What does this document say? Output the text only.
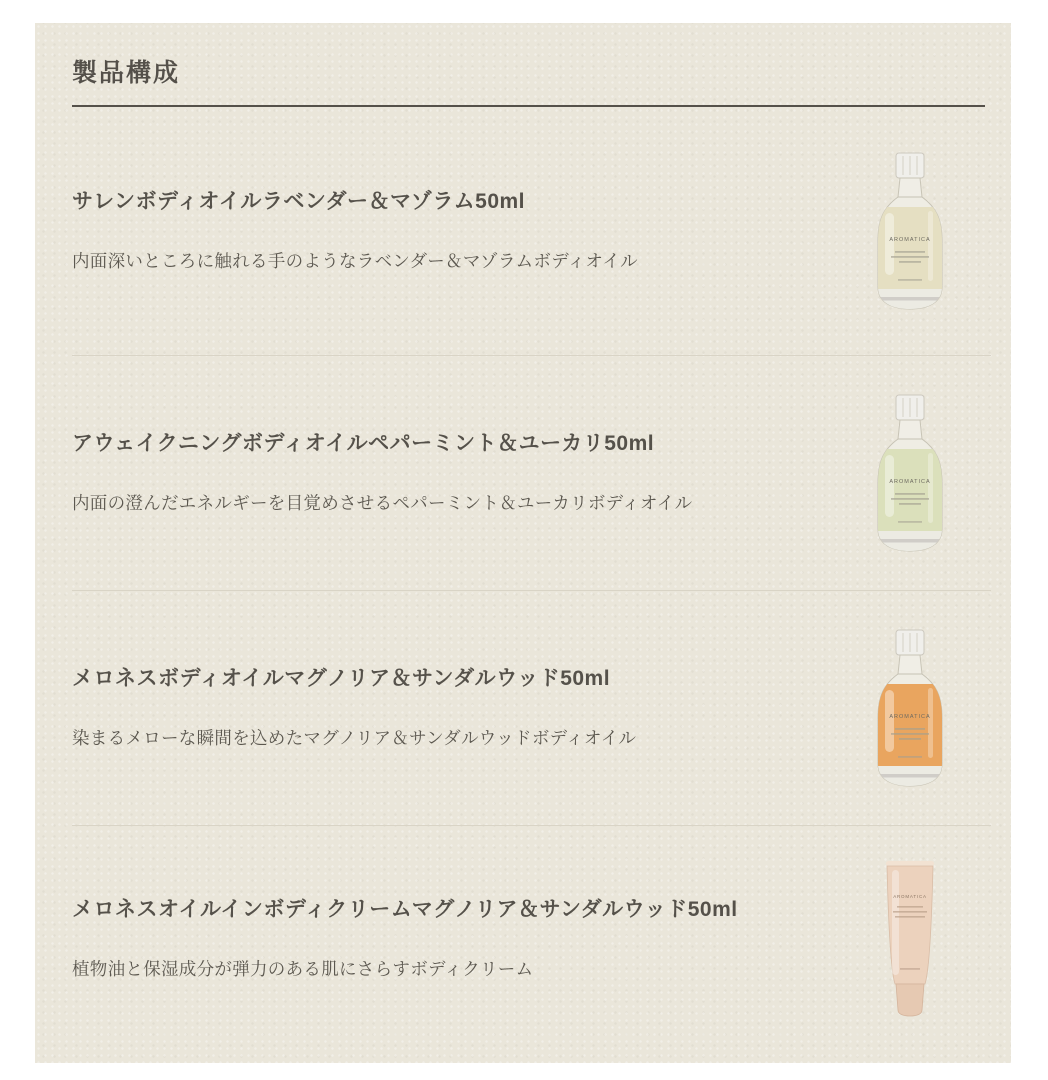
製品構成

サレンボディオイルラベンダー＆マゾラム50ml

内面深いところに触れる手のようなラベンダー＆マゾラムボディオイル

AROMATICA

アウェイクニングボディオイルペパーミント＆ユーカリ50ml

内面の澄んだエネルギーを目覚めさせるペパーミント＆ユーカリボディオイル

AROMATICA

メロネスボディオイルマグノリア＆サンダルウッド50ml

染まるメローな瞬間を込めたマグノリア＆サンダルウッドボディオイル

AROMATICA

メロネスオイルインボディクリームマグノリア＆サンダルウッド50ml

植物油と保湿成分が弾力のある肌にさらすボディクリーム

AROMATICA
